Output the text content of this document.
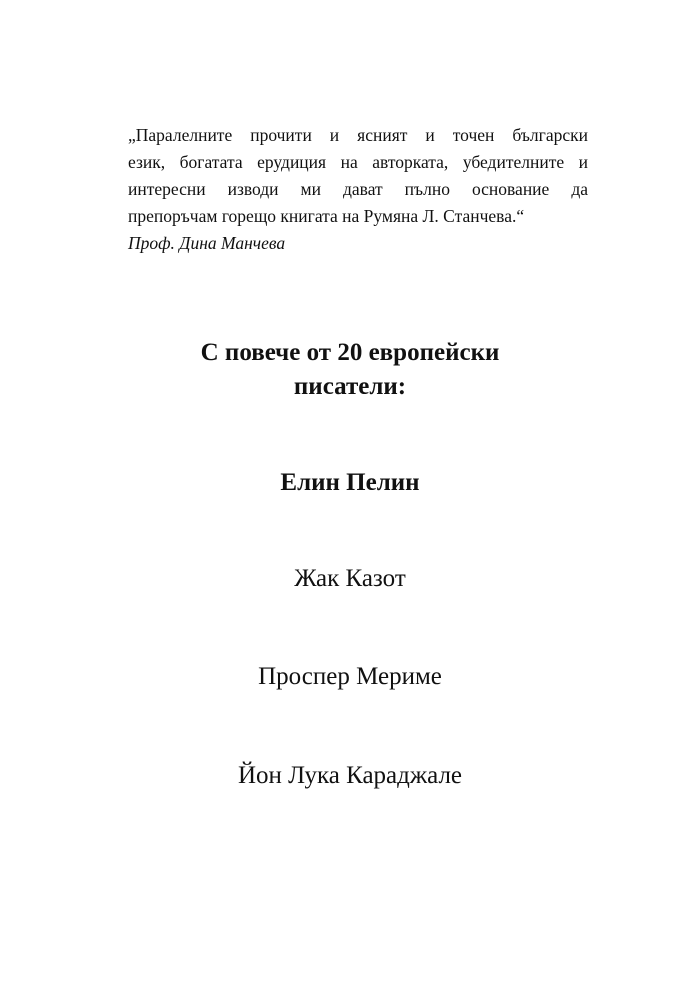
„Паралелните прочити и ясният и точен български
език, богатата ерудиция на авторката, убедителните и
интересни изводи ми дават пълно основание да
препоръчам горещо книгата на Румяна Л. Станчева.“
Проф. Дина Манчева
С повече от 20 европейски
писатели:
Елин Пелин
Жак Казот
Проспер Мериме
Йон Лука Караджале
